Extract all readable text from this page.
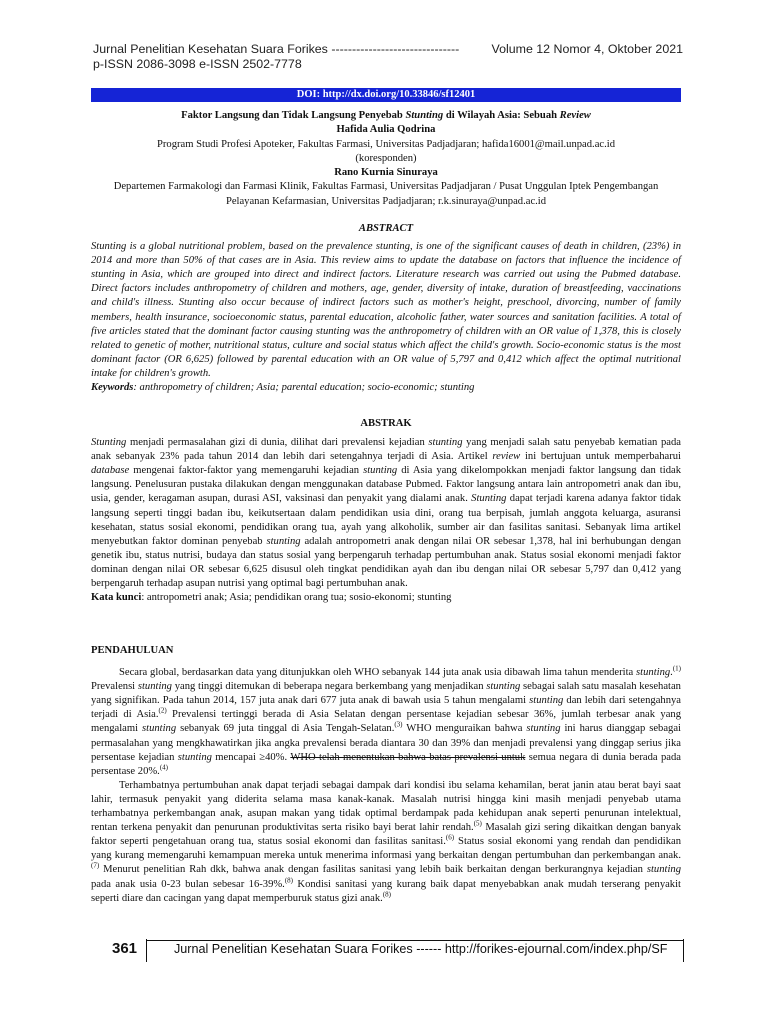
Jurnal Penelitian Kesehatan Suara Forikes -------------------------------	Volume 12 Nomor 4, Oktober 2021
p-ISSN 2086-3098 e-ISSN 2502-7778
DOI: http://dx.doi.org/10.33846/sf12401
Faktor Langsung dan Tidak Langsung Penyebab Stunting di Wilayah Asia: Sebuah Review
Hafida Aulia Qodrina
Program Studi Profesi Apoteker, Fakultas Farmasi, Universitas Padjadjaran; hafida16001@mail.unpad.ac.id
(koresponden)
Rano Kurnia Sinuraya
Departemen Farmakologi dan Farmasi Klinik, Fakultas Farmasi, Universitas Padjadjaran / Pusat Unggulan Iptek Pengembangan Pelayanan Kefarmasian, Universitas Padjadjaran; r.k.sinuraya@unpad.ac.id
ABSTRACT
Stunting is a global nutritional problem, based on the prevalence stunting, is one of the significant causes of death in children, (23%) in 2014 and more than 50% of that cases are in Asia. This review aims to update the database on factors that influence the incidence of stunting in Asia, which are grouped into direct and indirect factors. Literature research was carried out using the Pubmed database. Direct factors includes anthropometry of children and mothers, age, gender, diversity of intake, duration of breastfeeding, vaccinations and child's illness. Stunting also occur because of indirect factors such as mother's height, preschool, divorcing, number of family members, health insurance, socioeconomic status, parental education, alcoholic father, water sources and sanitation facilities. A total of five articles stated that the dominant factor causing stunting was the anthropometry of children with an OR value of 1,378, this is closely related to genetic of mother, nutritional status, culture and social status which affect the child's growth. Socio-economic status is the most dominant factor (OR 6,625) followed by parental education with an OR value of 5,797 and 0,412 which affect the optimal nutritional intake for children's growth.
Keywords: anthropometry of children; Asia; parental education; socio-economic; stunting
ABSTRAK
Stunting menjadi permasalahan gizi di dunia, dilihat dari prevalensi kejadian stunting yang menjadi salah satu penyebab kematian pada anak sebanyak 23% pada tahun 2014 dan lebih dari setengahnya terjadi di Asia. Artikel review ini bertujuan untuk memperbaharui database mengenai faktor-faktor yang memengaruhi kejadian stunting di Asia yang dikelompokkan menjadi faktor langsung dan tidak langsung. Penelusuran pustaka dilakukan dengan menggunakan database Pubmed. Faktor langsung antara lain antropometri anak dan ibu, usia, gender, keragaman asupan, durasi ASI, vaksinasi dan penyakit yang dialami anak. Stunting dapat terjadi karena adanya faktor tidak langsung seperti tinggi badan ibu, keikutsertaan dalam pendidikan usia dini, orang tua berpisah, jumlah anggota keluarga, asuransi kesehatan, status sosial ekonomi, pendidikan orang tua, ayah yang alkoholik, sumber air dan fasilitas sanitasi. Sebanyak lima artikel menyebutkan faktor dominan penyebab stunting adalah antropometri anak dengan nilai OR sebesar 1,378, hal ini berhubungan dengan genetik ibu, status nutrisi, budaya dan status sosial yang berpengaruh terhadap pertumbuhan anak. Status sosial ekonomi menjadi faktor dominan dengan nilai OR sebesar 6,625 disusul oleh tingkat pendidikan ayah dan ibu dengan nilai OR sebesar 5,797 dan 0,412 yang berpengaruh terhadap asupan nutrisi yang optimal bagi pertumbuhan anak.
Kata kunci: antropometri anak; Asia; pendidikan orang tua; sosio-ekonomi; stunting
PENDAHULUAN

Secara global, berdasarkan data yang ditunjukkan oleh WHO sebanyak 144 juta anak usia dibawah lima tahun menderita stunting.$^{(1)}$ Prevalensi stunting yang tinggi ditemukan di beberapa negara berkembang yang menjadikan stunting sebagai salah satu masalah kesehatan yang signifikan. Pada tahun 2014, 157 juta anak dari 677 juta anak di bawah usia 5 tahun mengalami stunting dan lebih dari setengahnya terjadi di Asia.$^{(2)}$ Prevalensi tertinggi berada di Asia Selatan dengan persentase kejadian sebesar 36%, jumlah terbesar anak yang mengalami stunting sebanyak 69 juta tinggal di Asia Tengah-Selatan.$^{(3)}$ WHO menguraikan bahwa stunting ini harus dianggap sebagai permasalahan yang mengkhawatirkan jika angka prevalensi berada diantara 30 dan 39% dan menjadi prevalensi yang dinggap serius jika persentase kejadian stunting mencapai ≥40%. WHO telah menentukan bahwa batas prevalensi untuk semua negara di dunia berada pada persentase 20%.$^{(4)}$

Terhambatnya pertumbuhan anak dapat terjadi sebagai dampak dari kondisi ibu selama kehamilan, berat janin atau berat bayi saat lahir, termasuk penyakit yang diderita selama masa kanak-kanak. Masalah nutrisi hingga kini masih menjadi penyebab utama terhambatnya perkembangan anak, asupan makan yang tidak optimal berdampak pada kehidupan anak seperti penurunan intelektual, rentan terkena penyakit dan penurunan produktivitas serta risiko bayi berat lahir rendah.$^{(5)}$ Masalah gizi sering dikaitkan dengan banyak faktor seperti pengetahuan orang tua, status sosial ekonomi dan fasilitas sanitasi.$^{(6)}$ Status sosial ekonomi yang rendah dan pendidikan yang kurang memengaruhi kemampuan mereka untuk menerima informasi yang berkaitan dengan pertumbuhan dan perkembangan anak.$^{(7)}$ Menurut penelitian Rah dkk, bahwa anak dengan fasilitas sanitasi yang lebih baik berkaitan dengan berkurangnya kejadian stunting pada anak usia 0-23 bulan sebesar 16-39%.$^{(8)}$ Kondisi sanitasi yang kurang baik dapat menyebabkan anak mudah terserang penyakit seperti diare dan cacingan yang dapat memperburuk status gizi anak.$^{(8)}$

361	Jurnal Penelitian Kesehatan Suara Forikes ------ http://forikes-ejournal.com/index.php/SF
